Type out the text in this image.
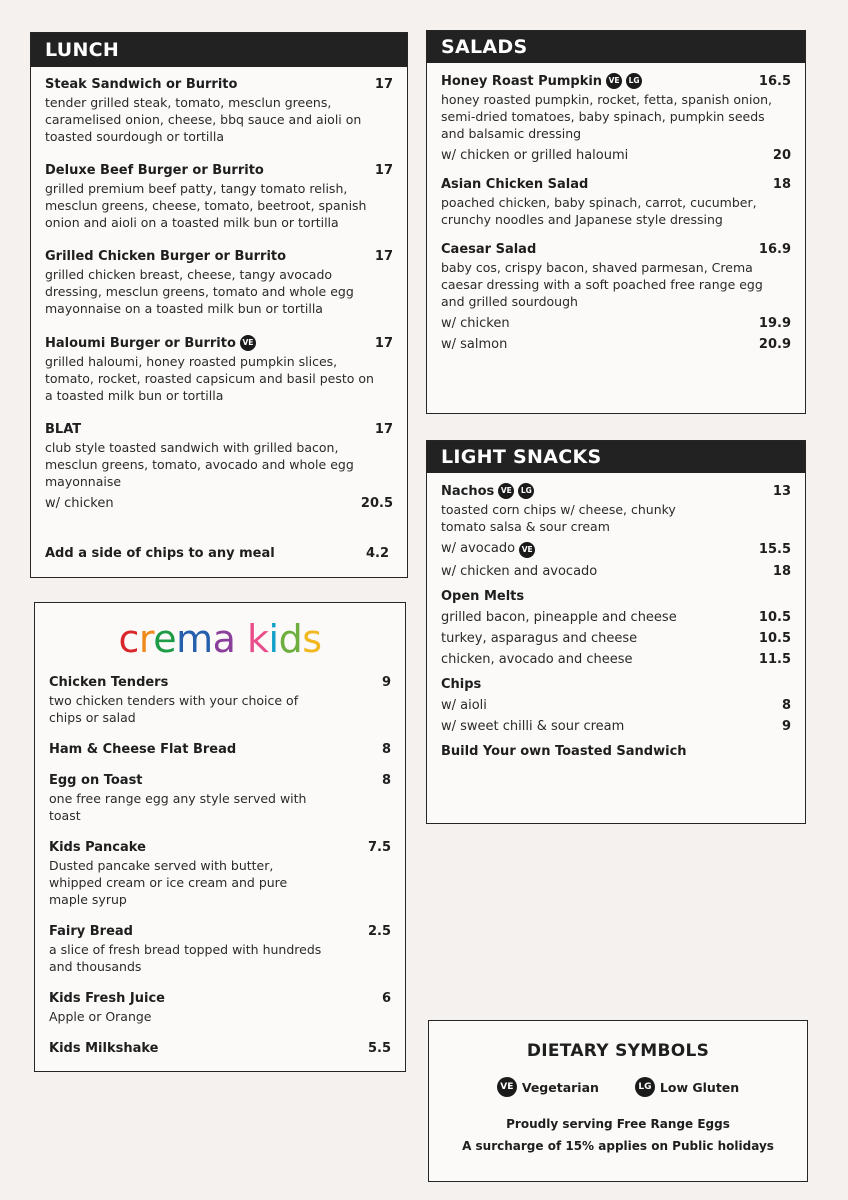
LUNCH
Steak Sandwich or Burrito	17
tender grilled steak, tomato, mesclun greens, caramelised onion, cheese, bbq sauce and aioli on toasted sourdough or tortilla
Deluxe Beef Burger or Burrito	17
grilled premium beef patty, tangy tomato relish, mesclun greens, cheese, tomato, beetroot, spanish onion and aioli on a toasted milk bun or tortilla
Grilled Chicken Burger or Burrito	17
grilled chicken breast, cheese, tangy avocado dressing, mesclun greens, tomato and whole egg mayonnaise on a toasted milk bun or tortilla
Haloumi Burger or Burrito VE	17
grilled haloumi, honey roasted pumpkin slices, tomato, rocket, roasted capsicum and basil pesto on a toasted milk bun or tortilla
BLAT	17
club style toasted sandwich with grilled bacon, mesclun greens, tomato, avocado and whole egg mayonnaise
w/ chicken	20.5
Add a side of chips to any meal	4.2
crema kids
Chicken Tenders	9
two chicken tenders with your choice of chips or salad
Ham & Cheese Flat Bread	8
Egg on Toast	8
one free range egg any style served with toast
Kids Pancake	7.5
Dusted pancake served with butter, whipped cream or ice cream and pure maple syrup
Fairy Bread	2.5
a slice of fresh bread topped with hundreds and thousands
Kids Fresh Juice	6
Apple or Orange
Kids Milkshake	5.5
SALADS
Honey Roast Pumpkin VE	LG	16.5
honey roasted pumpkin, rocket, fetta, spanish onion, semi-dried tomatoes, baby spinach, pumpkin seeds and balsamic dressing
w/ chicken or grilled haloumi	20
Asian Chicken Salad	18
poached chicken, baby spinach, carrot, cucumber, crunchy noodles and Japanese style dressing
Caesar Salad	16.9
baby cos, crispy bacon, shaved parmesan, Crema caesar dressing with a soft poached free range egg and grilled sourdough
w/ chicken	19.9
w/ salmon	20.9
LIGHT SNACKS
Nachos VE	LG	13
toasted corn chips w/ cheese, chunky tomato salsa & sour cream
w/ avocado VE	15.5
w/ chicken and avocado	18
Open Melts
grilled bacon, pineapple and cheese	10.5
turkey, asparagus and cheese	10.5
chicken, avocado and cheese	11.5
Chips
w/ aioli	8
w/ sweet chilli & sour cream	9
Build Your own Toasted Sandwich
DIETARY SYMBOLS
VE Vegetarian	LG Low Gluten
Proudly serving Free Range Eggs
A surcharge of 15% applies on Public holidays
